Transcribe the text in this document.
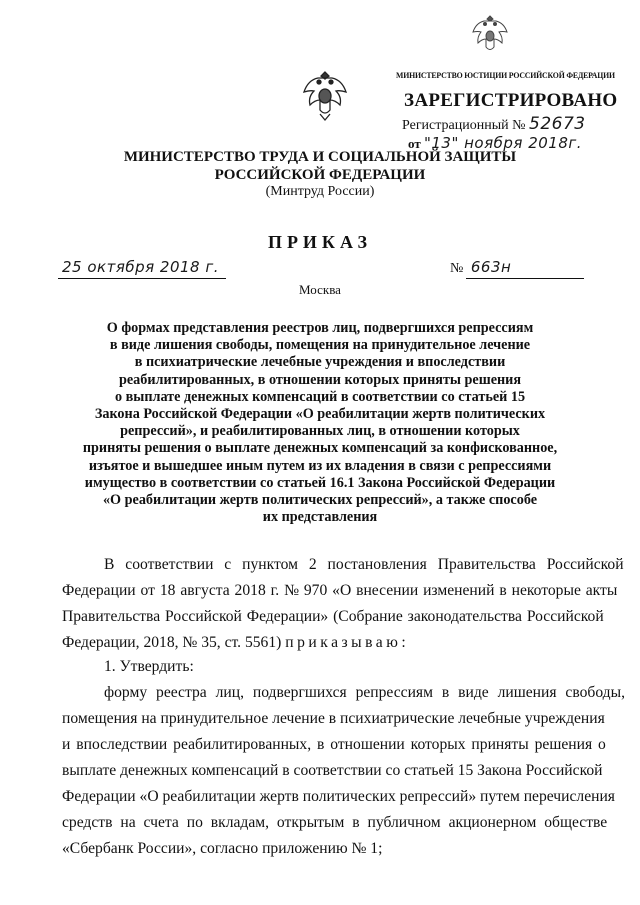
МИНИСТЕРСТВО ЮСТИЦИИ РОССИЙСКОЙ ФЕДЕРАЦИИ
ЗАРЕГИСТРИРОВАНО
Регистрационный № 52673
от "13" ноября 2018г.
МИНИСТЕРСТВО ТРУДА И СОЦИАЛЬНОЙ ЗАЩИТЫ
РОССИЙСКОЙ ФЕДЕРАЦИИ
(Минтруд России)
ПРИКАЗ
25 октября 2018 г.	№ 663н
Москва
О формах представления реестров лиц, подвергшихся репрессиям
в виде лишения свободы, помещения на принудительное лечение
в психиатрические лечебные учреждения и впоследствии
реабилитированных, в отношении которых приняты решения
о выплате денежных компенсаций в соответствии со статьей 15
Закона Российской Федерации «О реабилитации жертв политических
репрессий», и реабилитированных лиц, в отношении которых
приняты решения о выплате денежных компенсаций за конфискованное,
изъятое и вышедшее иным путем из их владения в связи с репрессиями
имущество в соответствии со статьей 16.1 Закона Российской Федерации
«О реабилитации жертв политических репрессий», а также способе
их представления
В соответствии с пунктом 2 постановления Правительства Российской
Федерации от 18 августа 2018 г. № 970 «О внесении изменений в некоторые акты
Правительства Российской Федерации» (Собрание законодательства Российской
Федерации, 2018, № 35, ст. 5561) приказываю:
1. Утвердить:
форму реестра лиц, подвергшихся репрессиям в виде лишения свободы,
помещения на принудительное лечение в психиатрические лечебные учреждения
и впоследствии реабилитированных, в отношении которых приняты решения о
выплате денежных компенсаций в соответствии со статьей 15 Закона Российской
Федерации «О реабилитации жертв политических репрессий» путем перечисления
средств на счета по вкладам, открытым в публичном акционерном обществе
«Сбербанк России», согласно приложению № 1;
